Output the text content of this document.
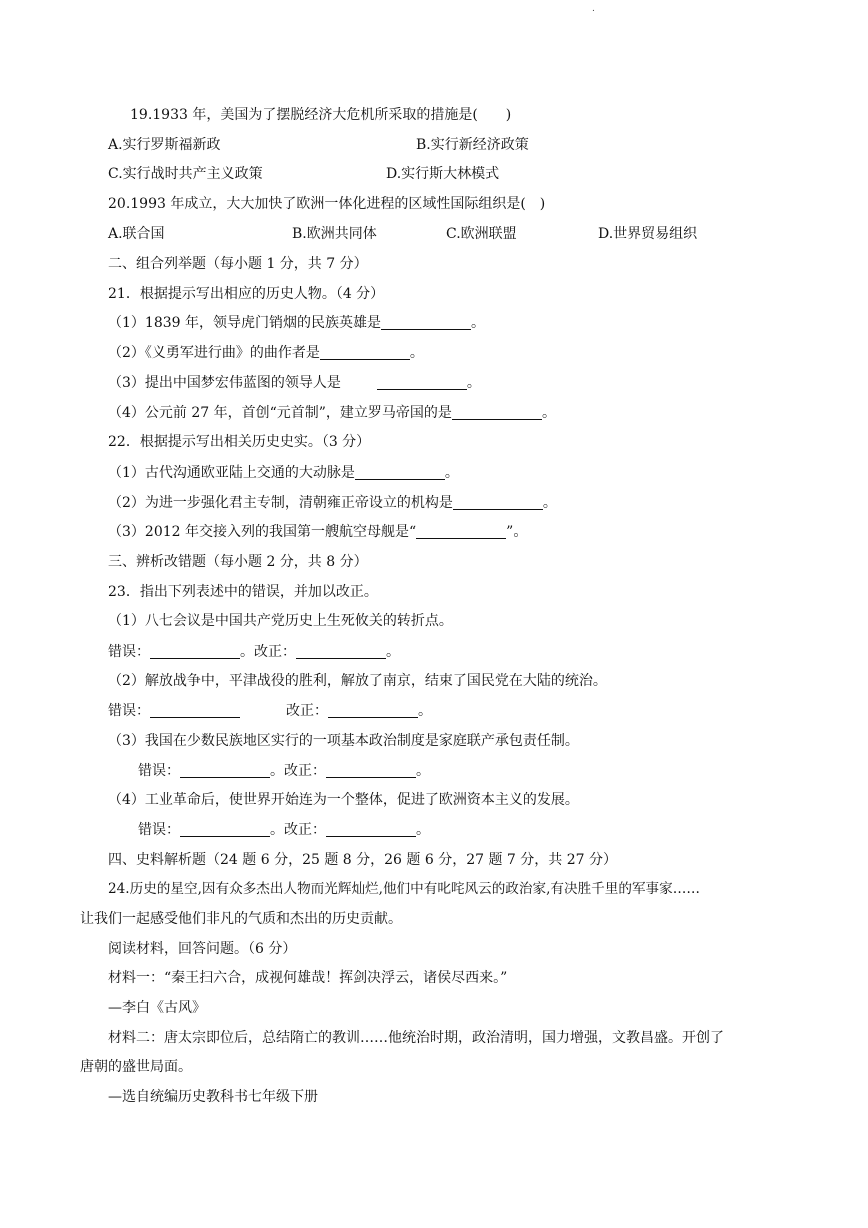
.
19.1933 年，美国为了摆脱经济大危机所采取的措施是(　　)
A.实行罗斯福新政	B.实行新经济政策
C.实行战时共产主义政策	D.实行斯大林模式
20.1993 年成立，大大加快了欧洲一体化进程的区域性国际组织是(　)
A.联合国	B.欧洲共同体	C.欧洲联盟	D.世界贸易组织
二、组合列举题（每小题 1 分，共 7 分）
21．根据提示写出相应的历史人物。（4 分）
（1）1839 年，领导虎门销烟的民族英雄是	。
（2）《义勇军进行曲》的曲作者是	。
（3）提出中国梦宏伟蓝图的领导人是	。
（4）公元前 27 年，首创“元首制”，建立罗马帝国的是	。
22．根据提示写出相关历史史实。（3 分）
（1）古代沟通欧亚陆上交通的大动脉是	。
（2）为进一步强化君主专制，清朝雍正帝设立的机构是	。
（3）2012 年交接入列的我国第一艘航空母舰是“	”。
三、辨析改错题（每小题 2 分，共 8 分）
23．指出下列表述中的错误，并加以改正。
（1）八七会议是中国共产党历史上生死攸关的转折点。
错误：	。改正：	。
（2）解放战争中，平津战役的胜利，解放了南京，结束了国民党在大陆的统治。
错误：	改正：	。
（3）我国在少数民族地区实行的一项基本政治制度是家庭联产承包责任制。
错误：	。改正：	。
（4）工业革命后，使世界开始连为一个整体，促进了欧洲资本主义的发展。
错误：	。改正：	。
四、史料解析题（24 题 6 分，25 题 8 分，26 题 6 分，27 题 7 分，共 27 分）
24.历史的星空,因有众多杰出人物而光辉灿烂,他们中有叱咤风云的政治家,有决胜千里的军事家……
让我们一起感受他们非凡的气质和杰出的历史贡献。
阅读材料，回答问题。（6 分）
材料一：“秦王扫六合，成视何雄哉！挥剑决浮云，诸侯尽西来。”
—李白《古风》
材料二：唐太宗即位后，总结隋亡的教训……他统治时期，政治清明，国力增强，文教昌盛。开创了
唐朝的盛世局面。
—选自统编历史教科书七年级下册
